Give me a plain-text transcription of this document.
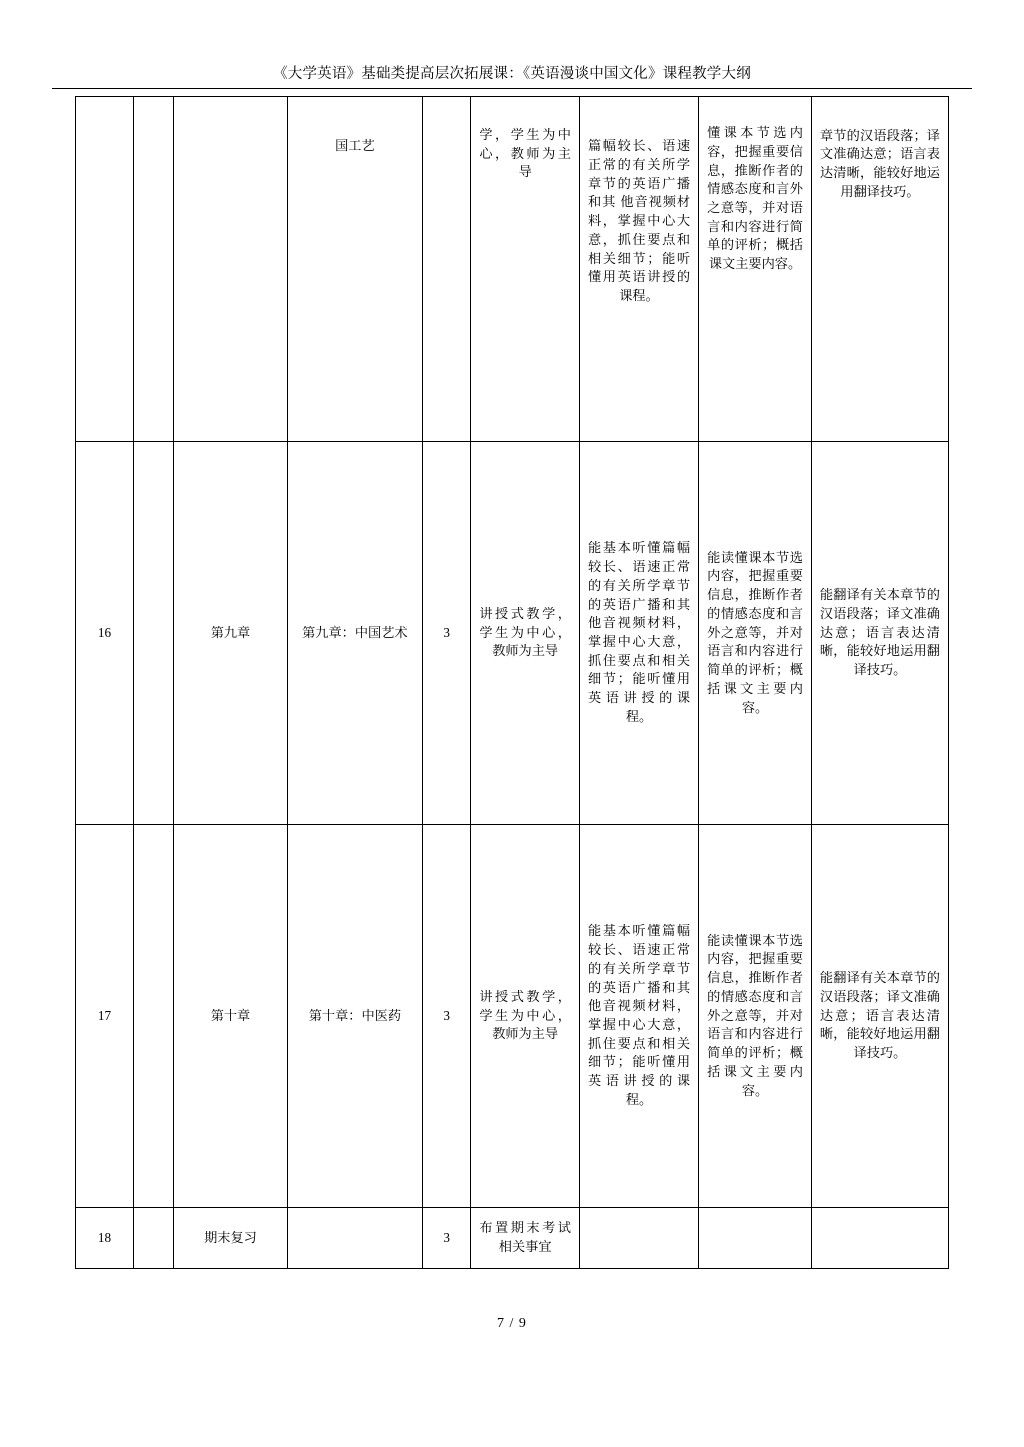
《大学英语》基础类提高层次拓展课：《英语漫谈中国文化》课程教学大纲

			国工艺		学，学生为中心，教师为主导	篇幅较长、语速正常的有关所学章节的英语广播和其 他音视频材料，掌握中心大意，抓住要点和相关细节；能听懂用英语讲授的课程。	懂课本节选内容，把握重要信息，推断作者的情感态度和言外之意等，并对语言和内容进行简单的评析；概括课文主要内容。	章节的汉语段落；译文准确达意；语言表达清晰，能较好地运用翻译技巧。

16		第九章	第九章：中国艺术	3	讲授式教学，学生为中心，教师为主导	能基本听懂篇幅较长、语速正常的有关所学章节的英语广播和其 他音视频材料，掌握中心大意，抓住要点和相关细节；能听懂用英语讲授的课程。	能读懂课本节选内容，把握重要信息，推断作者的情感态度和言外之意等，并对语言和内容进行简单的评析；概括课文主要内容。	能翻译有关本章节的汉语段落；译文准确达意；语言表达清晰，能较好地运用翻译技巧。

17		第十章	第十章：中医药	3	讲授式教学，学生为中心，教师为主导	能基本听懂篇幅较长、语速正常的有关所学章节的英语广播和其 他音视频材料，掌握中心大意，抓住要点和相关细节；能听懂用英语讲授的课程。	能读懂课本节选内容，把握重要信息，推断作者的情感态度和言外之意等，并对语言和内容进行简单的评析；概括课文主要内容。	能翻译有关本章节的汉语段落；译文准确达意；语言表达清晰，能较好地运用翻译技巧。

18		期末复习		3	布置期末考试相关事宜			

7 / 9
